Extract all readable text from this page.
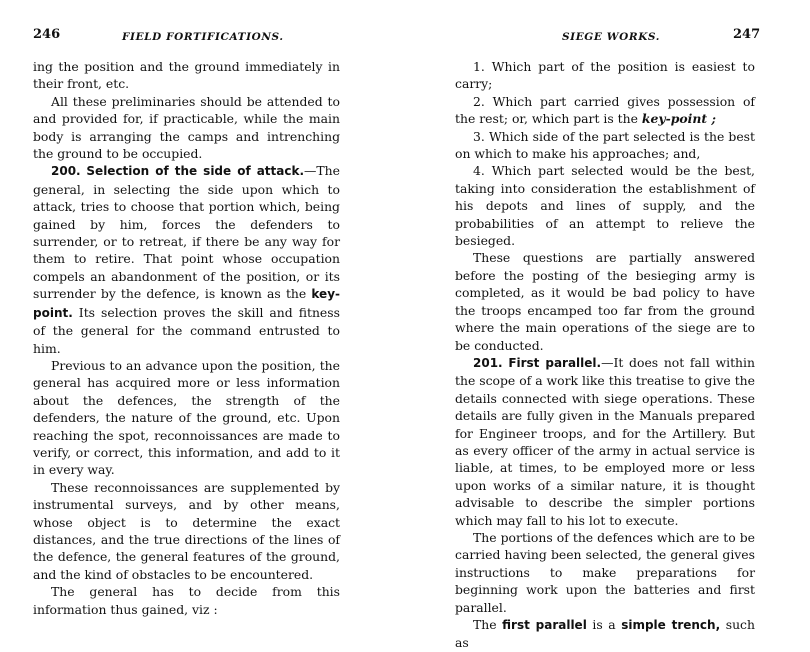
246	FIELD FORTIFICATIONS.

ing the position and the ground immediately in their front, etc.

All these preliminaries should be attended to and provided for, if practicable, while the main body is arranging the camps and intrenching the ground to be occupied.

200. Selection of the side of attack.—The general, in selecting the side upon which to attack, tries to choose that portion which, being gained by him, forces the defenders to surrender, or to retreat, if there be any way for them to retire. That point whose occupation compels an abandonment of the position, or its surrender by the defence, is known as the key-point. Its selection proves the skill and fitness of the general for the command entrusted to him.

Previous to an advance upon the position, the general has acquired more or less information about the defences, the strength of the defenders, the nature of the ground, etc. Upon reaching the spot, reconnoissances are made to verify, or correct, this information, and add to it in every way.

These reconnoissances are supplemented by instrumental surveys, and by other means, whose object is to determine the exact distances, and the true directions of the lines of the defence, the general features of the ground, and the kind of obstacles to be encountered.

The general has to decide from this information thus gained, viz :

SIEGE WORKS.	247

1. Which part of the position is easiest to carry;

2. Which part carried gives possession of the rest; or, which part is the key-point ;

3. Which side of the part selected is the best on which to make his approaches; and,

4. Which part selected would be the best, taking into consideration the establishment of his depots and lines of supply, and the probabilities of an attempt to relieve the besieged.

These questions are partially answered before the posting of the besieging army is completed, as it would be bad policy to have the troops encamped too far from the ground where the main operations of the siege are to be conducted.

201. First parallel.—It does not fall within the scope of a work like this treatise to give the details connected with siege operations. These details are fully given in the Manuals prepared for Engineer troops, and for the Artillery. But as every officer of the army in actual service is liable, at times, to be employed more or less upon works of a similar nature, it is thought advisable to describe the simpler portions which may fall to his lot to execute.

The portions of the defences which are to be carried having been selected, the general gives instructions to make preparations for beginning work upon the batteries and first parallel.

The first parallel is a simple trench, such as
